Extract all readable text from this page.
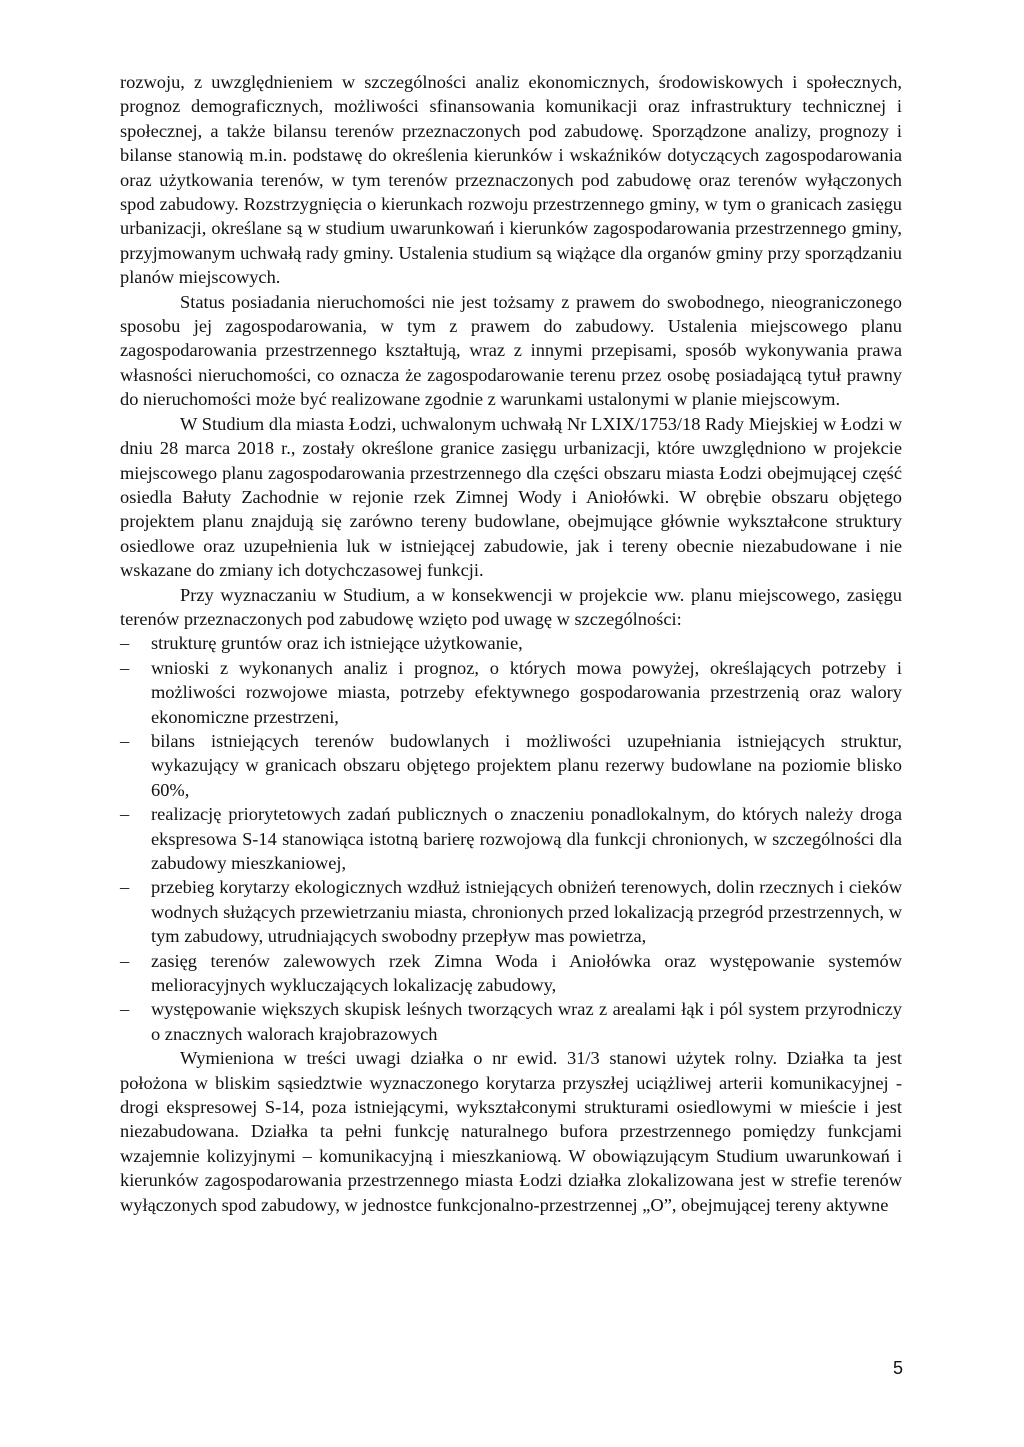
rozwoju, z uwzględnieniem w szczególności analiz ekonomicznych, środowiskowych i społecznych, prognoz demograficznych, możliwości sfinansowania komunikacji oraz infrastruktury technicznej i społecznej, a także bilansu terenów przeznaczonych pod zabudowę. Sporządzone analizy, prognozy i bilanse stanowią m.in. podstawę do określenia kierunków i wskaźników dotyczących zagospodarowania oraz użytkowania terenów, w tym terenów przeznaczonych pod zabudowę oraz terenów wyłączonych spod zabudowy. Rozstrzygnięcia o kierunkach rozwoju przestrzennego gminy, w tym o granicach zasięgu urbanizacji, określane są w studium uwarunkowań i kierunków zagospodarowania przestrzennego gminy, przyjmowanym uchwałą rady gminy. Ustalenia studium są wiążące dla organów gminy przy sporządzaniu planów miejscowych.

Status posiadania nieruchomości nie jest tożsamy z prawem do swobodnego, nieograniczonego sposobu jej zagospodarowania, w tym z prawem do zabudowy. Ustalenia miejscowego planu zagospodarowania przestrzennego kształtują, wraz z innymi przepisami, sposób wykonywania prawa własności nieruchomości, co oznacza że zagospodarowanie terenu przez osobę posiadającą tytuł prawny do nieruchomości może być realizowane zgodnie z warunkami ustalonymi w planie miejscowym.

W Studium dla miasta Łodzi, uchwalonym uchwałą Nr LXIX/1753/18 Rady Miejskiej w Łodzi w dniu 28 marca 2018 r., zostały określone granice zasięgu urbanizacji, które uwzględniono w projekcie miejscowego planu zagospodarowania przestrzennego dla części obszaru miasta Łodzi obejmującej część osiedla Bałuty Zachodnie w rejonie rzek Zimnej Wody i Aniołówki. W obrębie obszaru objętego projektem planu znajdują się zarówno tereny budowlane, obejmujące głównie wykształcone struktury osiedlowe oraz uzupełnienia luk w istniejącej zabudowie, jak i tereny obecnie niezabudowane i nie wskazane do zmiany ich dotychczasowej funkcji.

Przy wyznaczaniu w Studium, a w konsekwencji w projekcie ww. planu miejscowego, zasięgu terenów przeznaczonych pod zabudowę wzięto pod uwagę w szczególności:

– strukturę gruntów oraz ich istniejące użytkowanie,
– wnioski z wykonanych analiz i prognoz, o których mowa powyżej, określających potrzeby i możliwości rozwojowe miasta, potrzeby efektywnego gospodarowania przestrzenią oraz walory ekonomiczne przestrzeni,
– bilans istniejących terenów budowlanych i możliwości uzupełniania istniejących struktur, wykazujący w granicach obszaru objętego projektem planu rezerwy budowlane na poziomie blisko 60%,
– realizację priorytetowych zadań publicznych o znaczeniu ponadlokalnym, do których należy droga ekspresowa S-14 stanowiąca istotną barierę rozwojową dla funkcji chronionych, w szczególności dla zabudowy mieszkaniowej,
– przebieg korytarzy ekologicznych wzdłuż istniejących obniżeń terenowych, dolin rzecznych i cieków wodnych służących przewietrzaniu miasta, chronionych przed lokalizacją przegród przestrzennych, w tym zabudowy, utrudniających swobodny przepływ mas powietrza,
– zasięg terenów zalewowych rzek Zimna Woda i Aniołówka oraz występowanie systemów melioracyjnych wykluczających lokalizację zabudowy,
– występowanie większych skupisk leśnych tworzących wraz z arealami łąk i pól system przyrodniczy o znacznych walorach krajobrazowych

Wymieniona w treści uwagi działka o nr ewid. 31/3 stanowi użytek rolny. Działka ta jest położona w bliskim sąsiedztwie wyznaczonego korytarza przyszłej uciążliwej arterii komunikacyjnej - drogi ekspresowej S-14, poza istniejącymi, wykształconymi strukturami osiedlowymi w mieście i jest niezabudowana. Działka ta pełni funkcję naturalnego bufora przestrzennego pomiędzy funkcjami wzajemnie kolizyjnymi – komunikacyjną i mieszkaniową. W obowiązującym Studium uwarunkowań i kierunków zagospodarowania przestrzennego miasta Łodzi działka zlokalizowana jest w strefie terenów wyłączonych spod zabudowy, w jednostce funkcjonalno-przestrzennej „O”, obejmującej tereny aktywne

5
